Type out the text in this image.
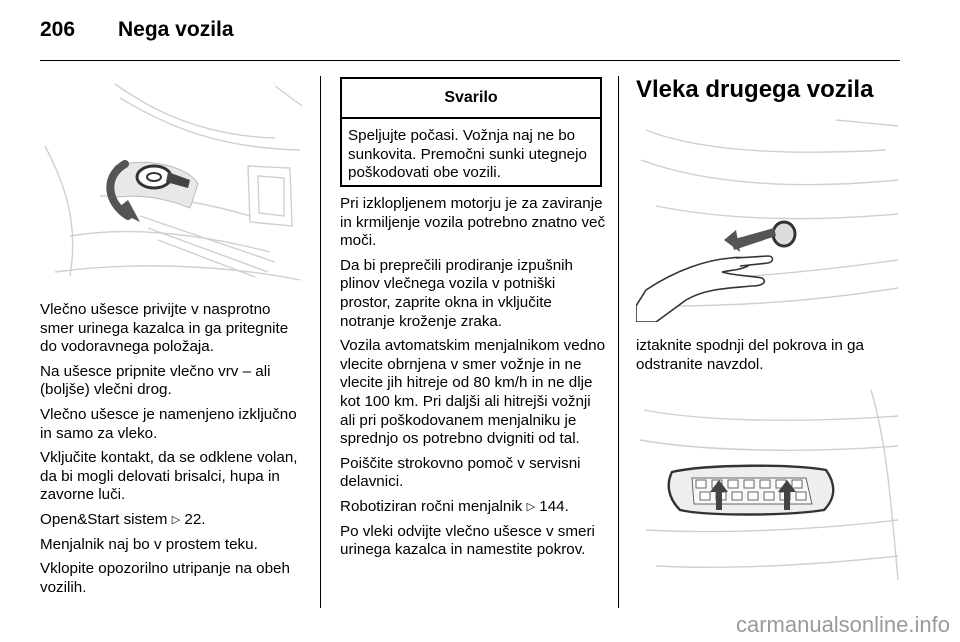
206	Nega vozila

Vlečno ušesce privijte v nasprotno smer urinega kazalca in ga pritegnite do vodoravnega položaja.

Na ušesce pripnite vlečno vrv – ali (boljše) vlečni drog.

Vlečno ušesce je namenjeno izključno in samo za vleko.

Vključite kontakt, da se odklene volan, da bi mogli delovati brisalci, hupa in zavorne luči.

Open&Start sistem ▷ 22.

Menjalnik naj bo v prostem teku.

Vklopite opozorilno utripanje na obeh vozilih.

Svarilo
Speljujte počasi. Vožnja naj ne bo sunkovita. Premočni sunki utegnejo poškodovati obe vozili.

Pri izklopljenem motorju je za zaviranje in krmiljenje vozila potrebno znatno več moči.

Da bi preprečili prodiranje izpušnih plinov vlečnega vozila v potniški prostor, zaprite okna in vključite notranje kroženje zraka.

Vozila avtomatskim menjalnikom vedno vlecite obrnjena v smer vožnje in ne vlecite jih hitreje od 80 km/h in ne dlje kot 100 km. Pri daljši ali hitrejši vožnji ali pri poškodovanem menjalniku je sprednjo os potrebno dvigniti od tal.

Poiščite strokovno pomoč v servisni delavnici.

Robotiziran ročni menjalnik ▷ 144.

Po vleki odvijte vlečno ušesce v smeri urinega kazalca in namestite pokrov.

Vleka drugega vozila

iztaknite spodnji del pokrova in ga odstranite navzdol.

carmanualsonline.info
